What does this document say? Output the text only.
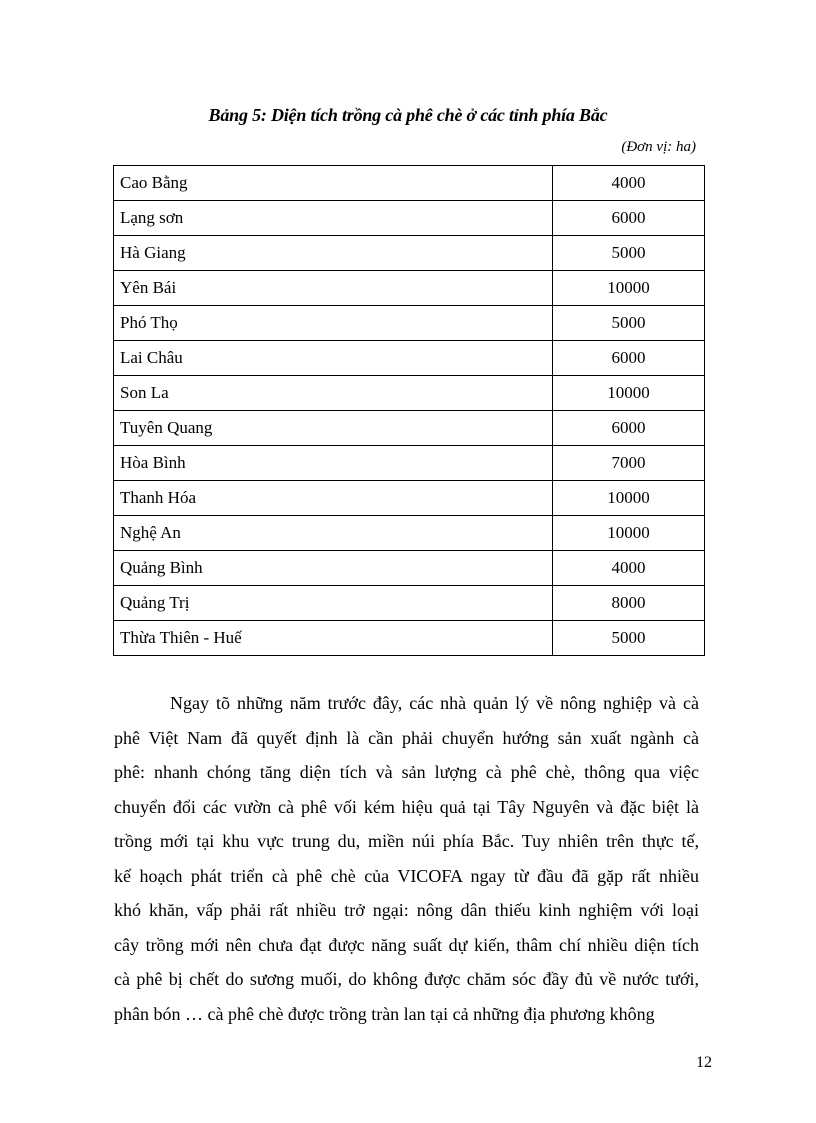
Bảng 5: Diện tích trồng cà phê chè ở các tỉnh phía Bắc
(Đơn vị: ha)
Cao Bằng	4000
Lạng sơn	6000
Hà Giang	5000
Yên Bái	10000
Phó Thọ	5000
Lai Châu	6000
Son La	10000
Tuyên Quang	6000
Hòa Bình	7000
Thanh Hóa	10000
Nghệ An	10000
Quảng Bình	4000
Quảng Trị	8000
Thừa Thiên - Huế	5000
Ngay tõ những năm trước đây, các nhà quản lý về nông nghiệp và cà
phê Việt Nam đã quyết định là cần phải chuyển hướng sản xuất ngành cà
phê: nhanh chóng tăng diện tích và sản lượng cà phê chè, thông qua việc
chuyển đổi các vườn cà phê vối kém hiệu quả tại Tây Nguyên và đặc biệt là
trồng mới tại khu vực trung du, miền núi phía Bắc. Tuy nhiên trên thực tế,
kế hoạch phát triển cà phê chè của VICOFA ngay từ đầu đã gặp rất nhiều
khó khăn, vấp phải rất nhiều trở ngại: nông dân thiếu kinh nghiệm với loại
cây trồng mới nên chưa đạt được năng suất dự kiến, thâm chí nhiều diện tích
cà phê bị chết do sương muối, do không được chăm sóc đầy đủ về nước tưới,
phân bón … cà phê chè được trồng tràn lan tại cả những địa phương không
12
